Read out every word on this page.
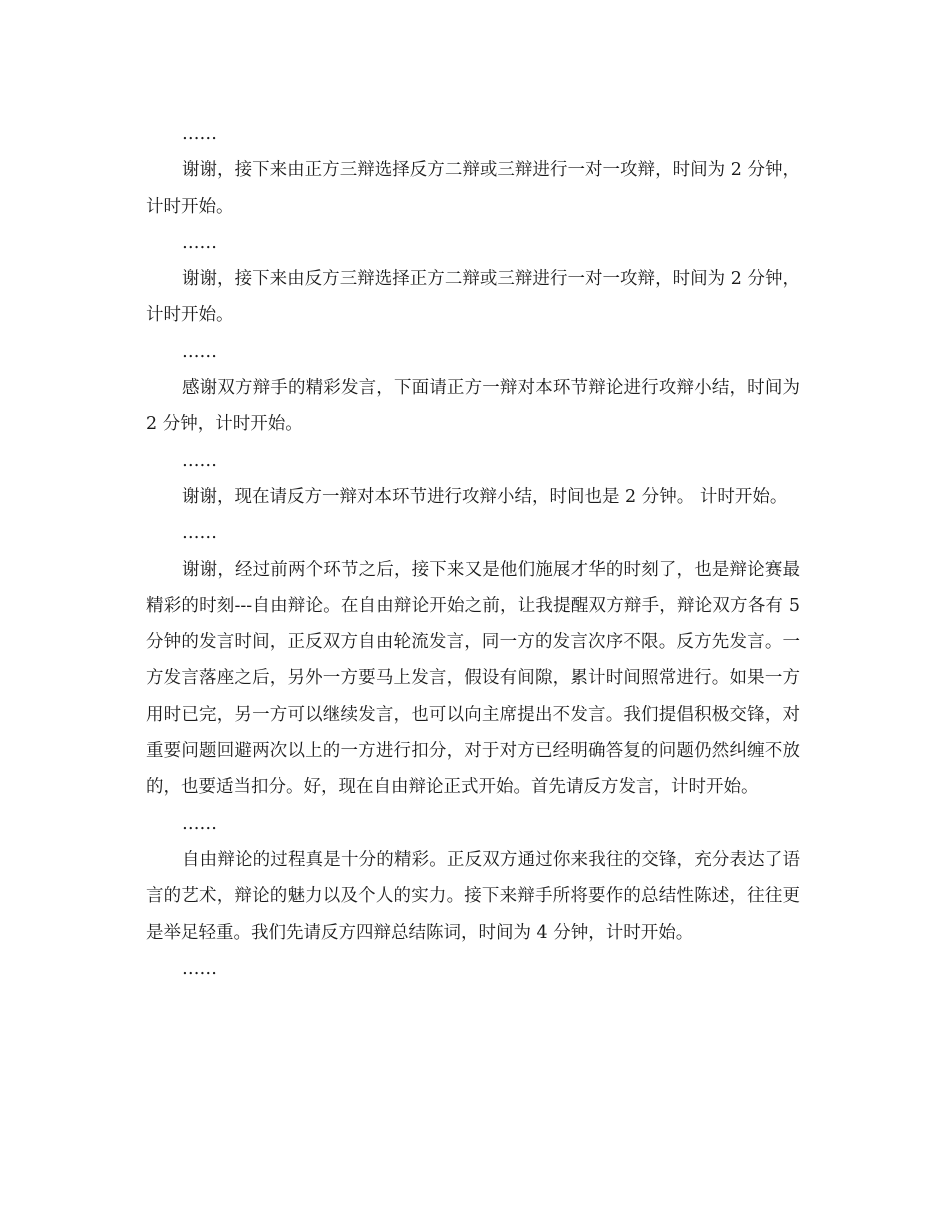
……

谢谢，接下来由正方三辩选择反方二辩或三辩进行一对一攻辩，时间为 2 分钟，计时开始。

……

谢谢，接下来由反方三辩选择正方二辩或三辩进行一对一攻辩，时间为 2 分钟，计时开始。

……

感谢双方辩手的精彩发言，下面请正方一辩对本环节辩论进行攻辩小结，时间为 2 分钟，计时开始。

……

谢谢，现在请反方一辩对本环节进行攻辩小结，时间也是 2 分钟。 计时开始。

……

谢谢，经过前两个环节之后，接下来又是他们施展才华的时刻了，也是辩论赛最精彩的时刻---自由辩论。在自由辩论开始之前，让我提醒双方辩手，辩论双方各有 5 分钟的发言时间，正反双方自由轮流发言，同一方的发言次序不限。反方先发言。一方发言落座之后，另外一方要马上发言，假设有间隙，累计时间照常进行。如果一方用时已完，另一方可以继续发言，也可以向主席提出不发言。我们提倡积极交锋，对重要问题回避两次以上的一方进行扣分，对于对方已经明确答复的问题仍然纠缠不放的，也要适当扣分。好，现在自由辩论正式开始。首先请反方发言，计时开始。

……

自由辩论的过程真是十分的精彩。正反双方通过你来我往的交锋，充分表达了语言的艺术，辩论的魅力以及个人的实力。接下来辩手所将要作的总结性陈述，往往更是举足轻重。我们先请反方四辩总结陈词，时间为 4 分钟，计时开始。

……
